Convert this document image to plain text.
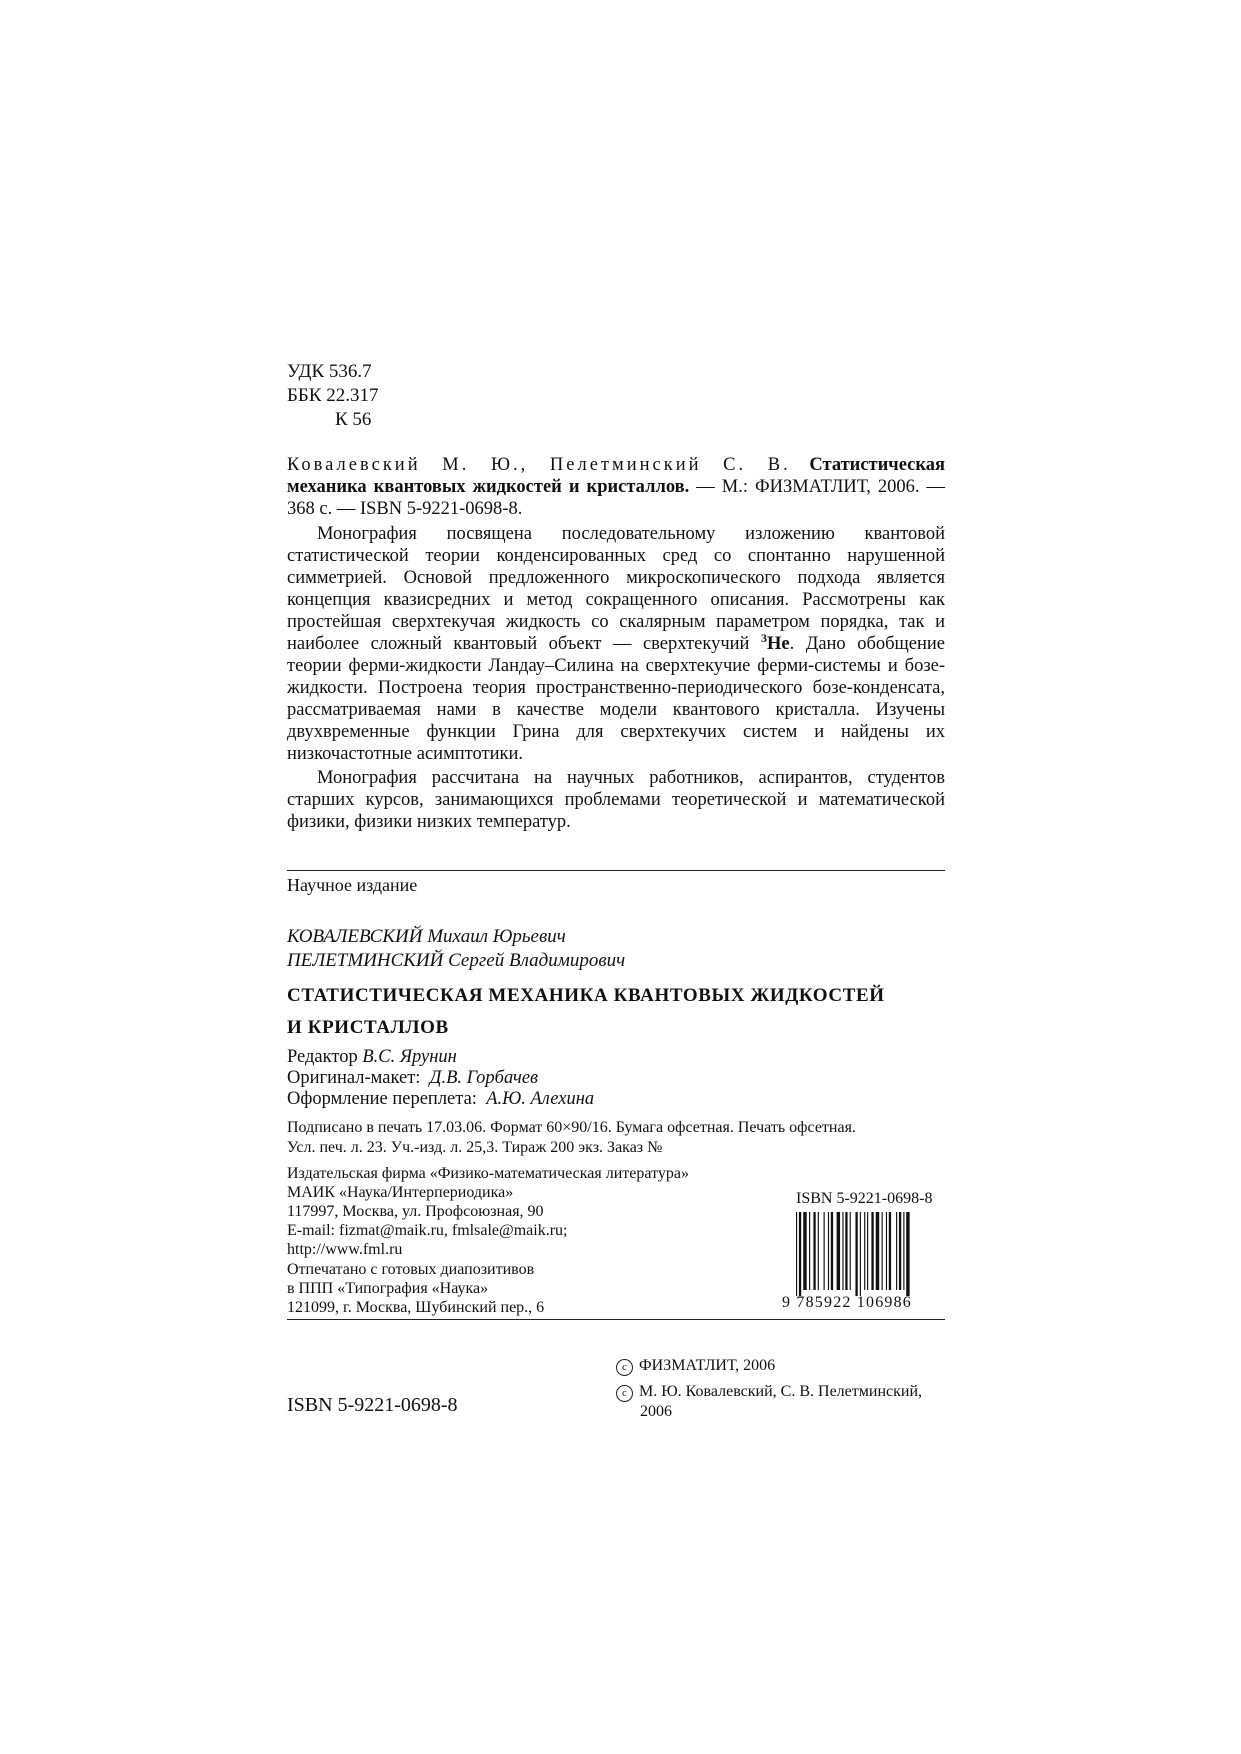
УДК 536.7
ББК 22.317
К 56
Ковалевский М. Ю., Пелетминский С. В. Статистическая механика квантовых жидкостей и кристаллов. — М.: ФИЗМАТЛИТ, 2006. — 368 с. — ISBN 5-9221-0698-8.

Монография посвящена последовательному изложению квантовой статистической теории конденсированных сред со спонтанно нарушенной симметрией. Основой предложенного микроскопического подхода является концепция квазисредних и метод сокращенного описания. Рассмотрены как простейшая сверхтекучая жидкость со скалярным параметром порядка, так и наиболее сложный квантовый объект — сверхтекучий $^3$He. Дано обобщение теории ферми-жидкости Ландау–Силина на сверхтекучие ферми-системы и бозе-жидкости. Построена теория пространственно-периодического бозе-конденсата, рассматриваемая нами в качестве модели квантового кристалла. Изучены двухвременные функции Грина для сверхтекучих систем и найдены их низкочастотные асимптотики.

Монография рассчитана на научных работников, аспирантов, студентов старших курсов, занимающихся проблемами теоретической и математической физики, физики низких температур.

Научное издание
КОВАЛЕВСКИЙ Михаил Юрьевич
ПЕЛЕТМИНСКИЙ Сергей Владимирович
СТАТИСТИЧЕСКАЯ МЕХАНИКА КВАНТОВЫХ ЖИДКОСТЕЙ
И КРИСТАЛЛОВ
Редактор В.С. Ярунин
Оригинал-макет: Д.В. Горбачев
Оформление переплета: А.Ю. Алехина
Подписано в печать 17.03.06. Формат 60×90/16. Бумага офсетная. Печать офсетная.
Усл. печ. л. 23. Уч.-изд. л. 25,3. Тираж 200 экз. Заказ №
Издательская фирма «Физико-математическая литература»
МАИК «Наука/Интерпериодика»
117997, Москва, ул. Профсоюзная, 90
E-mail: fizmat@maik.ru, fmlsale@maik.ru;
http://www.fml.ru
Отпечатано с готовых диапозитивов
в ППП «Типография «Наука»
121099, г. Москва, Шубинский пер., 6
ISBN 5-9221-0698-8
9 785922 106986
ISBN 5-9221-0698-8
c ФИЗМАТЛИТ, 2006
c М. Ю. Ковалевский, С. В. Пелетминский,
2006
